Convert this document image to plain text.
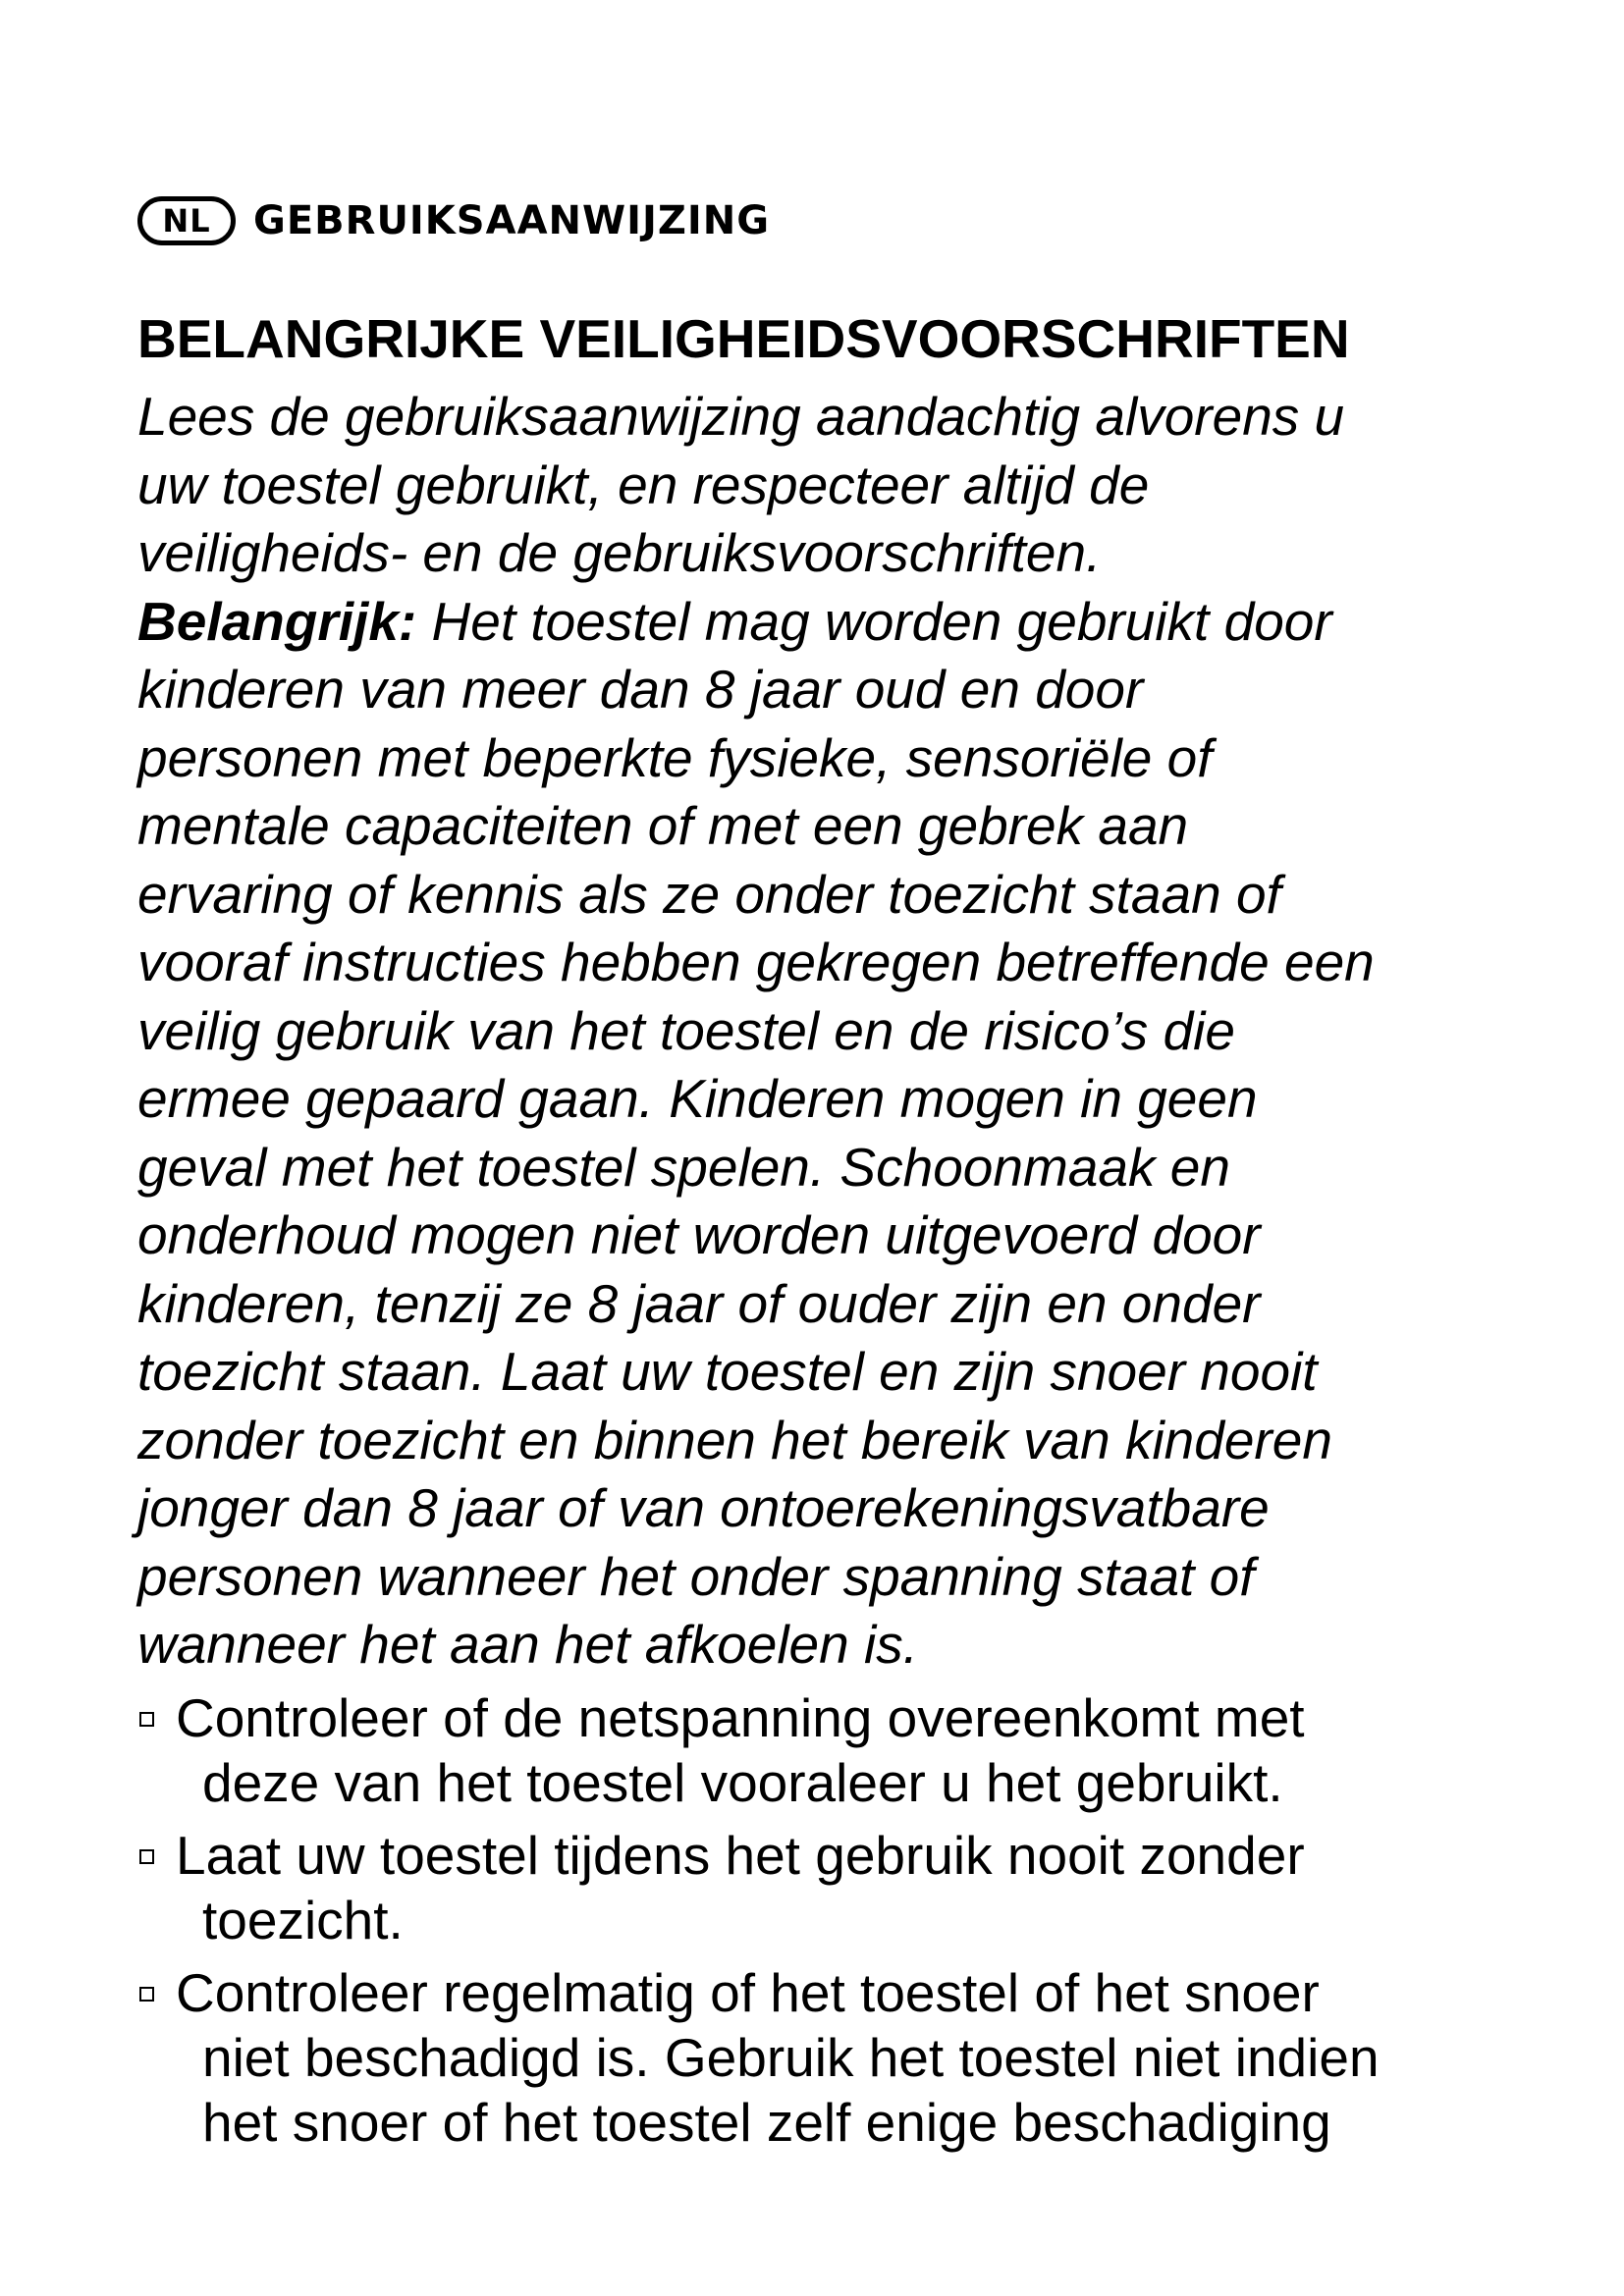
NL	GEBRUIKSAANWIJZING
BELANGRIJKE VEILIGHEIDSVOORSCHRIFTEN
Lees de gebruiksaanwijzing aandachtig alvorens u
uw toestel gebruikt, en respecteer altijd de
veiligheids- en de gebruiksvoorschriften.
Belangrijk: Het toestel mag worden gebruikt door
kinderen van meer dan 8 jaar oud en door
personen met beperkte fysieke, sensoriële of
mentale capaciteiten of met een gebrek aan
ervaring of kennis als ze onder toezicht staan of
vooraf instructies hebben gekregen betreffende een
veilig gebruik van het toestel en de risico’s die
ermee gepaard gaan. Kinderen mogen in geen
geval met het toestel spelen. Schoonmaak en
onderhoud mogen niet worden uitgevoerd door
kinderen, tenzij ze 8 jaar of ouder zijn en onder
toezicht staan. Laat uw toestel en zijn snoer nooit
zonder toezicht en binnen het bereik van kinderen
jonger dan 8 jaar of van ontoerekeningsvatbare
personen wanneer het onder spanning staat of
wanneer het aan het afkoelen is.
Controleer of de netspanning overeenkomt met
deze van het toestel vooraleer u het gebruikt.
Laat uw toestel tijdens het gebruik nooit zonder
toezicht.
Controleer regelmatig of het toestel of het snoer
niet beschadigd is. Gebruik het toestel niet indien
het snoer of het toestel zelf enige beschadiging
